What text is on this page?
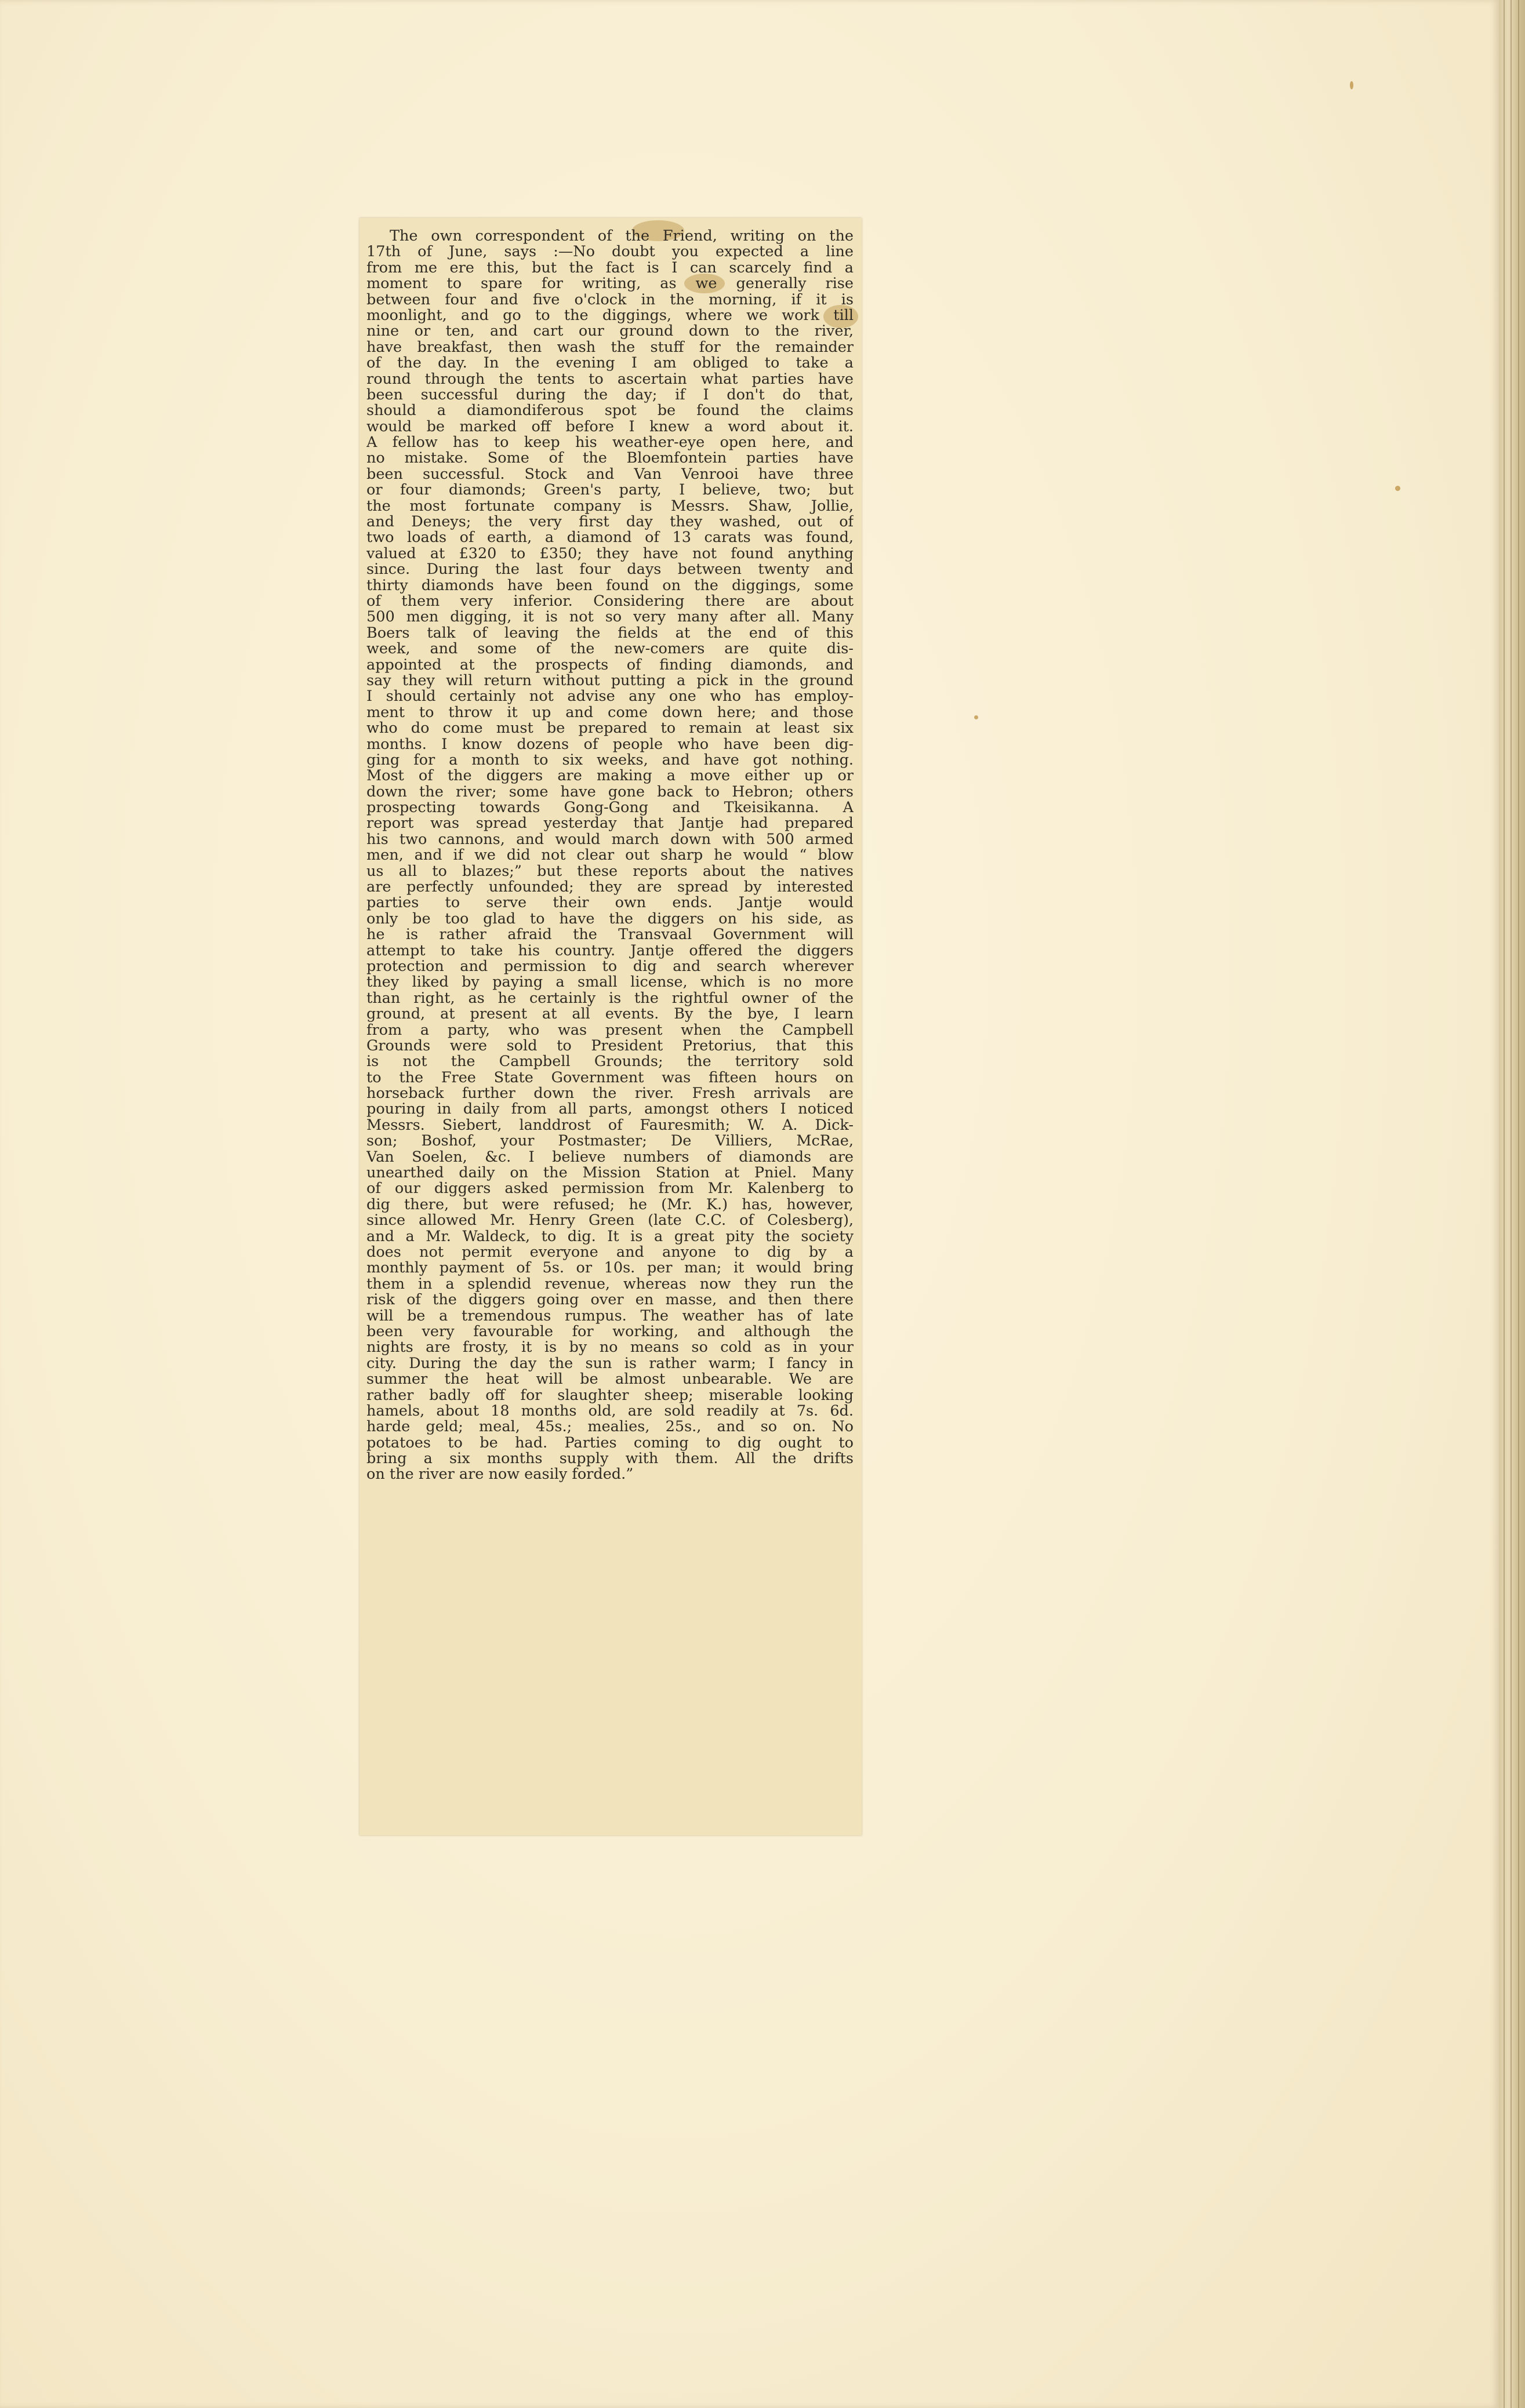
The own correspondent of the Friend, writing on the
17th of June, says :—No doubt you expected a line
from me ere this, but the fact is I can scarcely find a
moment to spare for writing, as we generally rise
between four and five o'clock in the morning, if it is
moonlight, and go to the diggings, where we work till
nine or ten, and cart our ground down to the river,
have breakfast, then wash the stuff for the remainder
of the day. In the evening I am obliged to take a
round through the tents to ascertain what parties have
been successful during the day; if I don't do that,
should a diamondiferous spot be found the claims
would be marked off before I knew a word about it.
A fellow has to keep his weather-eye open here, and
no mistake. Some of the Bloemfontein parties have
been successful. Stock and Van Venrooi have three
or four diamonds; Green's party, I believe, two; but
the most fortunate company is Messrs. Shaw, Jollie,
and Deneys; the very first day they washed, out of
two loads of earth, a diamond of 13 carats was found,
valued at £320 to £350; they have not found anything
since. During the last four days between twenty and
thirty diamonds have been found on the diggings, some
of them very inferior. Considering there are about
500 men digging, it is not so very many after all. Many
Boers talk of leaving the fields at the end of this
week, and some of the new-comers are quite dis-
appointed at the prospects of finding diamonds, and
say they will return without putting a pick in the ground
I should certainly not advise any one who has employ-
ment to throw it up and come down here; and those
who do come must be prepared to remain at least six
months. I know dozens of people who have been dig-
ging for a month to six weeks, and have got nothing.
Most of the diggers are making a move either up or
down the river; some have gone back to Hebron; others
prospecting towards Gong-Gong and Tkeisikanna. A
report was spread yesterday that Jantje had prepared
his two cannons, and would march down with 500 armed
men, and if we did not clear out sharp he would “ blow
us all to blazes;” but these reports about the natives
are perfectly unfounded; they are spread by interested
parties to serve their own ends. Jantje would
only be too glad to have the diggers on his side, as
he is rather afraid the Transvaal Government will
attempt to take his country. Jantje offered the diggers
protection and permission to dig and search wherever
they liked by paying a small license, which is no more
than right, as he certainly is the rightful owner of the
ground, at present at all events. By the bye, I learn
from a party, who was present when the Campbell
Grounds were sold to President Pretorius, that this
is not the Campbell Grounds; the territory sold
to the Free State Government was fifteen hours on
horseback further down the river. Fresh arrivals are
pouring in daily from all parts, amongst others I noticed
Messrs. Siebert, landdrost of Fauresmith; W. A. Dick-
son; Boshof, your Postmaster; De Villiers, McRae,
Van Soelen, &c. I believe numbers of diamonds are
unearthed daily on the Mission Station at Pniel. Many
of our diggers asked permission from Mr. Kalenberg to
dig there, but were refused; he (Mr. K.) has, however,
since allowed Mr. Henry Green (late C.C. of Colesberg),
and a Mr. Waldeck, to dig. It is a great pity the society
does not permit everyone and anyone to dig by a
monthly payment of 5s. or 10s. per man; it would bring
them in a splendid revenue, whereas now they run the
risk of the diggers going over en masse, and then there
will be a tremendous rumpus. The weather has of late
been very favourable for working, and although the
nights are frosty, it is by no means so cold as in your
city. During the day the sun is rather warm; I fancy in
summer the heat will be almost unbearable. We are
rather badly off for slaughter sheep; miserable looking
hamels, about 18 months old, are sold readily at 7s. 6d.
harde geld; meal, 45s.; mealies, 25s., and so on. No
potatoes to be had. Parties coming to dig ought to
bring a six months supply with them. All the drifts
on the river are now easily forded.”
